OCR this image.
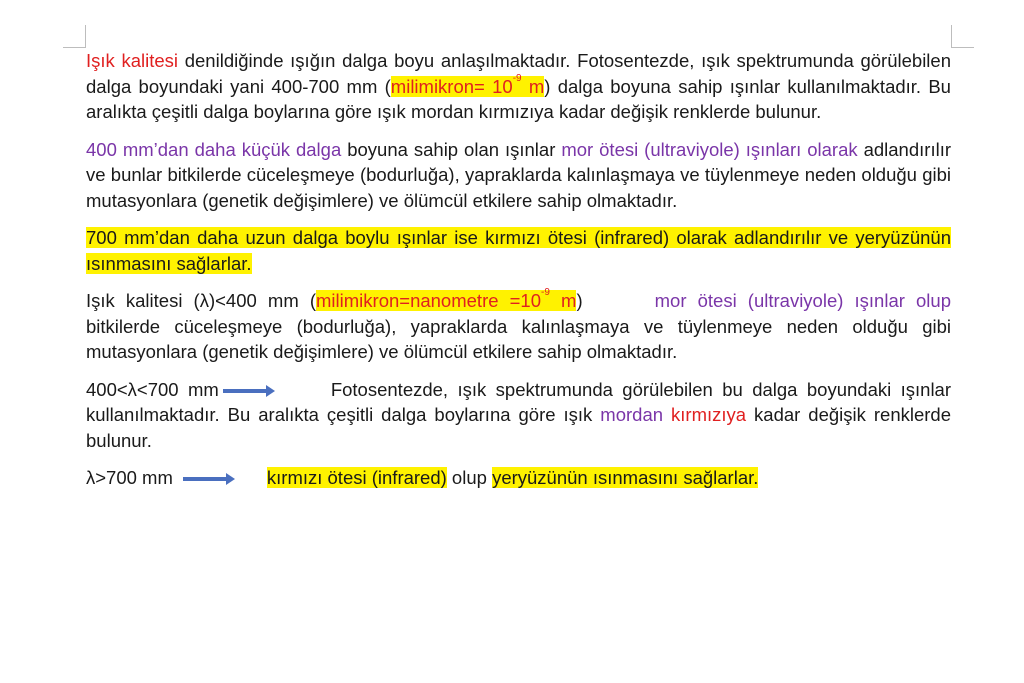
Işık kalitesi denildiğinde ışığın dalga boyu anlaşılmaktadır. Fotosentezde, ışık spektrumunda görülebilen dalga boyundaki yani 400-700 mm (milimikron= $10^{-9}$ m) dalga boyuna sahip ışınlar kullanılmaktadır. Bu aralıkta çeşitli dalga boylarına göre ışık mordan kırmızıya kadar değişik renklerde bulunur.

400 mm’dan daha küçük dalga boyuna sahip olan ışınlar mor ötesi (ultraviyole) ışınları olarak adlandırılır ve bunlar bitkilerde cüceleşmeye (bodurluğa), yapraklarda kalınlaşmaya ve tüylenmeye neden olduğu gibi mutasyonlara (genetik değişimlere) ve ölümcül etkilere sahip olmaktadır.

700 mm’dan daha uzun dalga boylu ışınlar ise kırmızı ötesi (infrared) olarak adlandırılır ve yeryüzünün ısınmasını sağlarlar.

Işık kalitesi (λ)<400 mm (milimikron=nanometre $=10^{-9}$ m)	mor ötesi (ultraviyole) ışınlar olup bitkilerde cüceleşmeye (bodurluğa), yapraklarda kalınlaşmaya ve tüylenmeye neden olduğu gibi mutasyonlara (genetik değişimlere) ve ölümcül etkilere sahip olmaktadır.

400<λ<700 mm	Fotosentezde, ışık spektrumunda görülebilen bu dalga boyundaki ışınlar kullanılmaktadır. Bu aralıkta çeşitli dalga boylarına göre ışık mordan kırmızıya kadar değişik renklerde bulunur.

λ>700 mm	kırmızı ötesi (infrared) olup yeryüzünün ısınmasını sağlarlar.
